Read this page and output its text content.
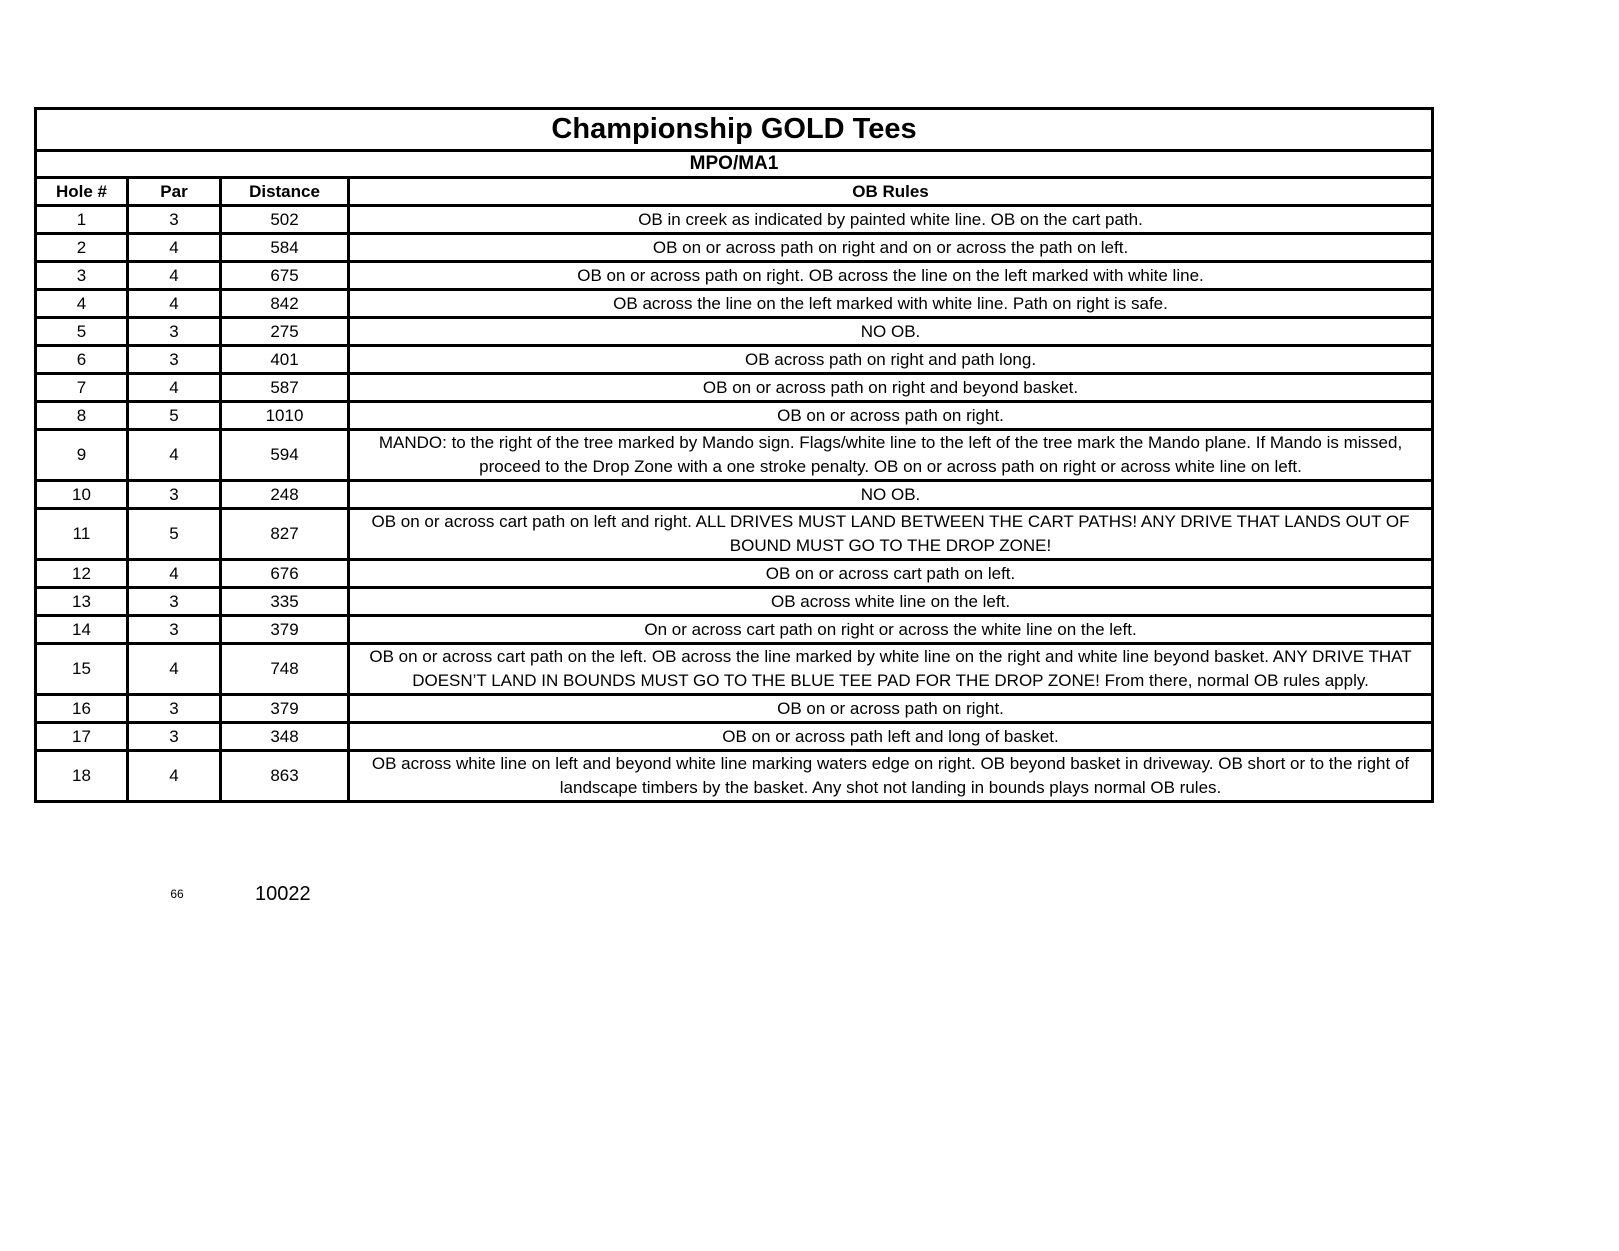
Championship GOLD Tees			
MPO/MA1			
Hole #	Par	Distance	OB Rules
1	3	502	OB in creek as indicated by painted white line. OB on the cart path.
2	4	584	OB on or across path on right and on or across the path on left.
3	4	675	OB on or across path on right. OB across the line on the left marked with white line.
4	4	842	OB across the line on the left marked with white line. Path on right is safe.
5	3	275	NO OB.
6	3	401	OB across path on right and path long.
7	4	587	OB on or across path on right and beyond basket.
8	5	1010	OB on or across path on right.
9	4	594	MANDO: to the right of the tree marked by Mando sign. Flags/white line to the left of the tree mark the Mando plane. If Mando is missed, proceed to the Drop Zone with a one stroke penalty. OB on or across path on right or across white line on left.
10	3	248	NO OB.
11	5	827	OB on or across cart path on left and right. ALL DRIVES MUST LAND BETWEEN THE CART PATHS! ANY DRIVE THAT LANDS OUT OF BOUND MUST GO TO THE DROP ZONE!
12	4	676	OB on or across cart path on left.
13	3	335	OB across white line on the left.
14	3	379	On or across cart path on right or across the white line on the left.
15	4	748	OB on or across cart path on the left. OB across the line marked by white line on the right and white line beyond basket. ANY DRIVE THAT DOESN’T LAND IN BOUNDS MUST GO TO THE BLUE TEE PAD FOR THE DROP ZONE! From there, normal OB rules apply.
16	3	379	OB on or across path on right.
17	3	348	OB on or across path left and long of basket.
18	4	863	OB across white line on left and beyond white line marking waters edge on right. OB beyond basket in driveway. OB short or to the right of landscape timbers by the basket. Any shot not landing in bounds plays normal OB rules.
66	10022
